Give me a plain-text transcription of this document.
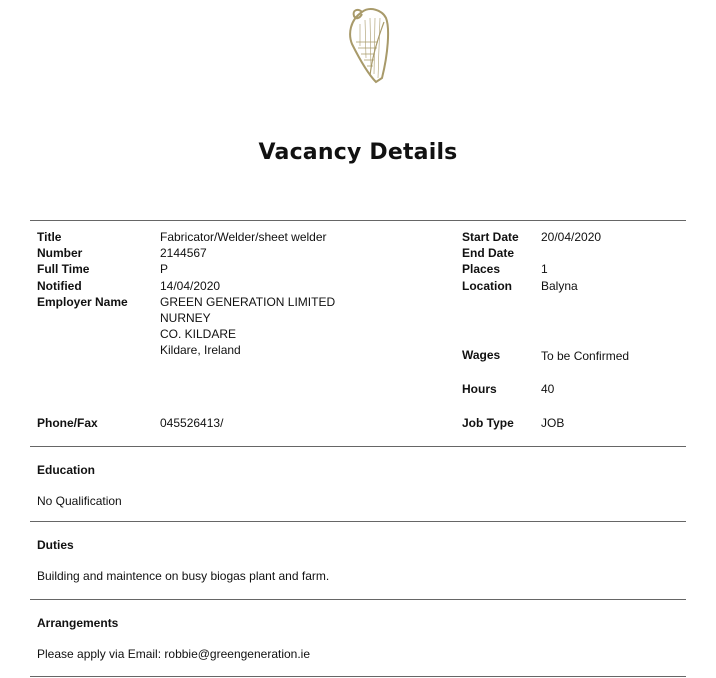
Vacancy Details
Title	Fabricator/Welder/sheet welder
Number	2144567
Full Time	P
Notified	14/04/2020
Employer Name	GREEN GENERATION LIMITED
NURNEY
CO. KILDARE
Kildare, Ireland
Phone/Fax	045526413/
Start Date 20/04/2020
End Date
Places	1
Location Balyna
Wages	To be Confirmed
Hours	40
Job Type JOB
Education
No Qualification
Duties
Building and maintence on busy biogas plant and farm.
Arrangements
Please apply via Email: robbie@greengeneration.ie
